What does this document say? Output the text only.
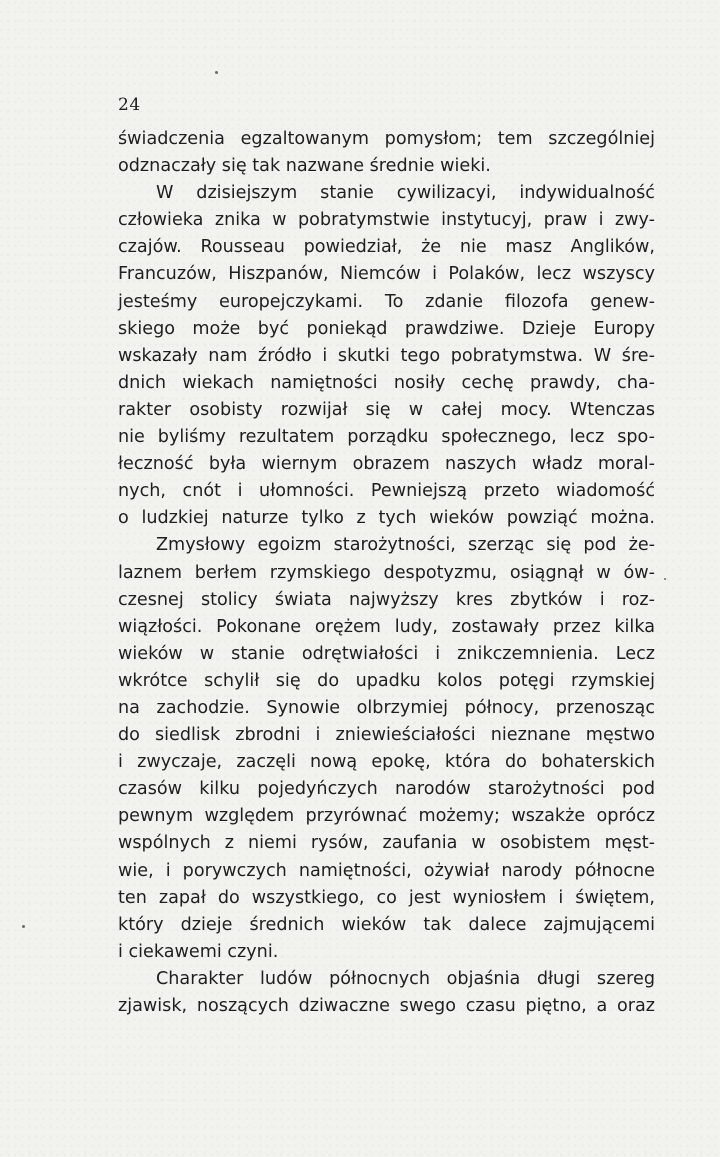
24
świadczenia egzaltowanym pomysłom; tem szczególniej
odznaczały się tak nazwane średnie wieki.
W dzisiejszym stanie cywilizacyi, indywidualność
człowieka znika w pobratymstwie instytucyj, praw i zwy-
czajów. Rousseau powiedział, że nie masz Anglików,
Francuzów, Hiszpanów, Niemców i Polaków, lecz wszyscy
jesteśmy europejczykami. To zdanie filozofa genew-
skiego może być poniekąd prawdziwe. Dzieje Europy
wskazały nam źródło i skutki tego pobratymstwa. W śre-
dnich wiekach namiętności nosiły cechę prawdy, cha-
rakter osobisty rozwijał się w całej mocy. Wtenczas
nie byliśmy rezultatem porządku społecznego, lecz spo-
łeczność była wiernym obrazem naszych władz moral-
nych, cnót i ułomności. Pewniejszą przeto wiadomość
o ludzkiej naturze tylko z tych wieków powziąć można.
Zmysłowy egoizm starożytności, szerząc się pod że-
laznem berłem rzymskiego despotyzmu, osiągnął w ów-
czesnej stolicy świata najwyższy kres zbytków i roz-
wiązłości. Pokonane orężem ludy, zostawały przez kilka
wieków w stanie odrętwiałości i znikczemnienia. Lecz
wkrótce schylił się do upadku kolos potęgi rzymskiej
na zachodzie. Synowie olbrzymiej północy, przenosząc
do siedlisk zbrodni i zniewieściałości nieznane męstwo
i zwyczaje, zaczęli nową epokę, która do bohaterskich
czasów kilku pojedyńczych narodów starożytności pod
pewnym względem przyrównać możemy; wszakże oprócz
wspólnych z niemi rysów, zaufania w osobistem męst-
wie, i porywczych namiętności, ożywiał narody północne
ten zapał do wszystkiego, co jest wyniosłem i świętem,
który dzieje średnich wieków tak dalece zajmującemi
i ciekawemi czyni.
Charakter ludów północnych objaśnia długi szereg
zjawisk, noszących dziwaczne swego czasu piętno, a oraz
